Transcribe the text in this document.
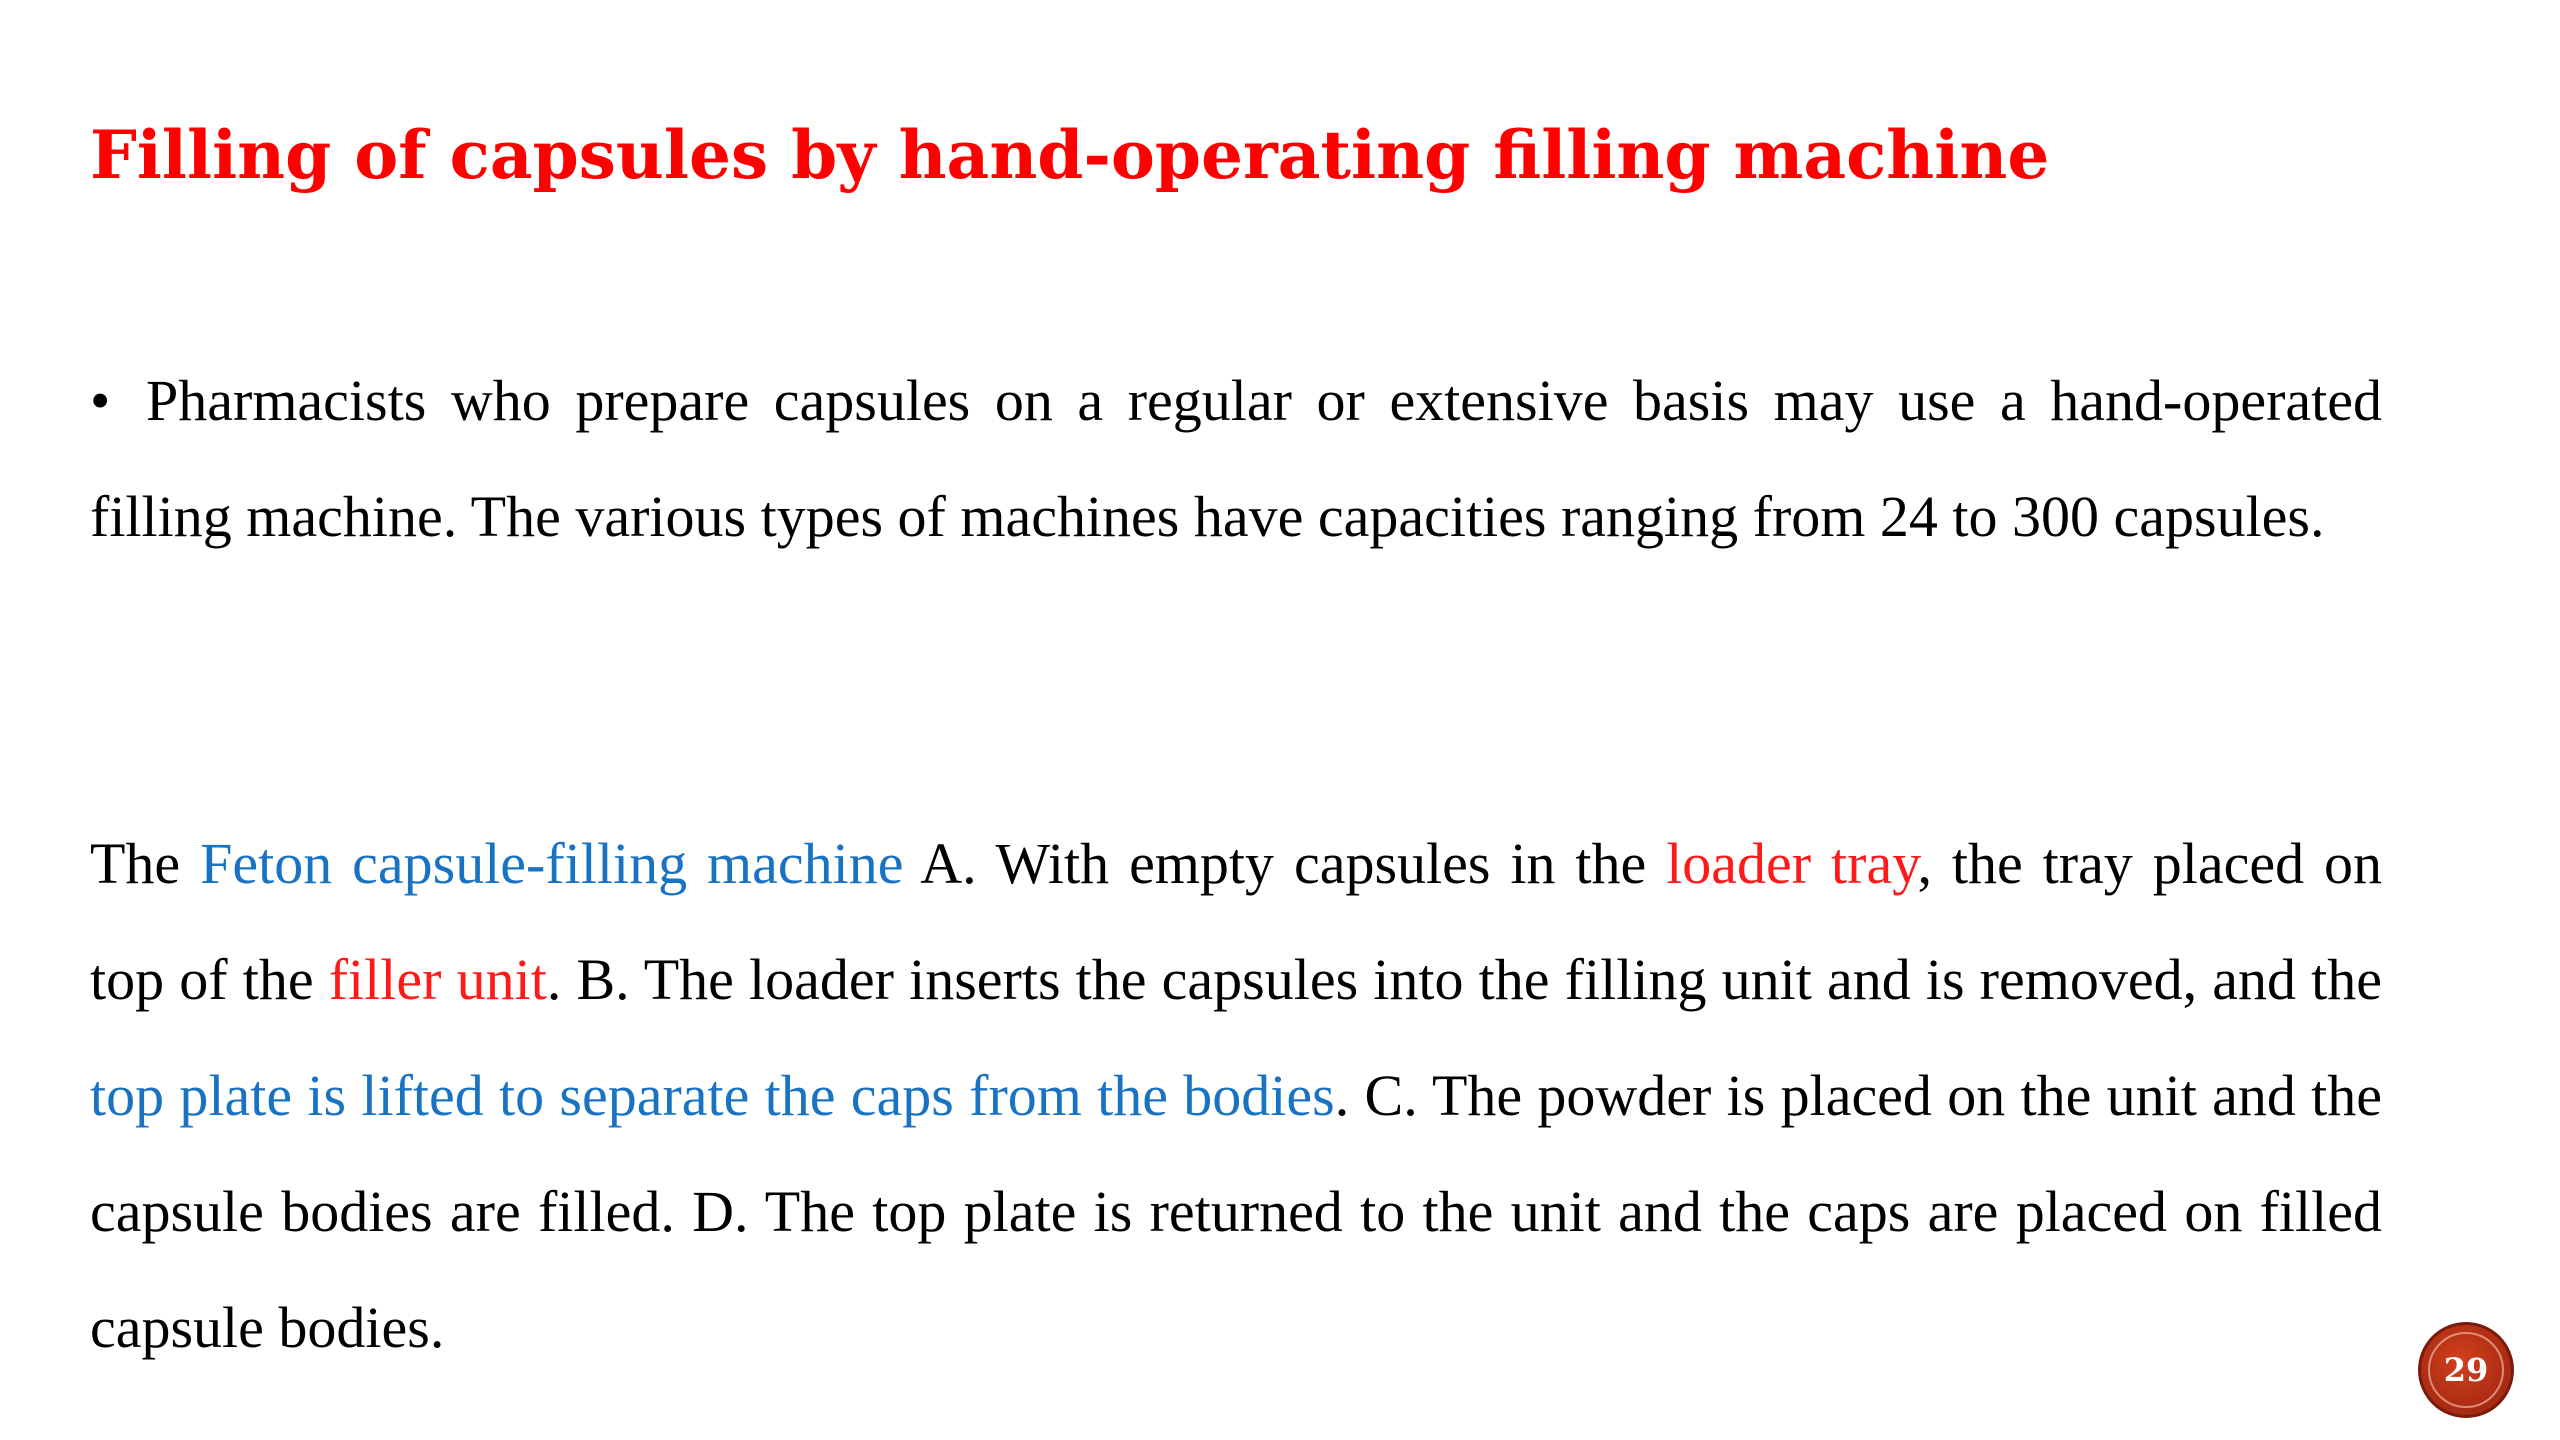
Filling of capsules by hand-operating filling machine

• Pharmacists who prepare capsules on a regular or extensive basis may use a hand-operated filling machine. The various types of machines have capacities ranging from 24 to 300 capsules.

The Feton capsule-filling machine A. With empty capsules in the loader tray, the tray placed on top of the filler unit. B. The loader inserts the capsules into the filling unit and is removed, and the top plate is lifted to separate the caps from the bodies. C. The powder is placed on the unit and the capsule bodies are filled. D. The top plate is returned to the unit and the caps are placed on filled capsule bodies.

29
